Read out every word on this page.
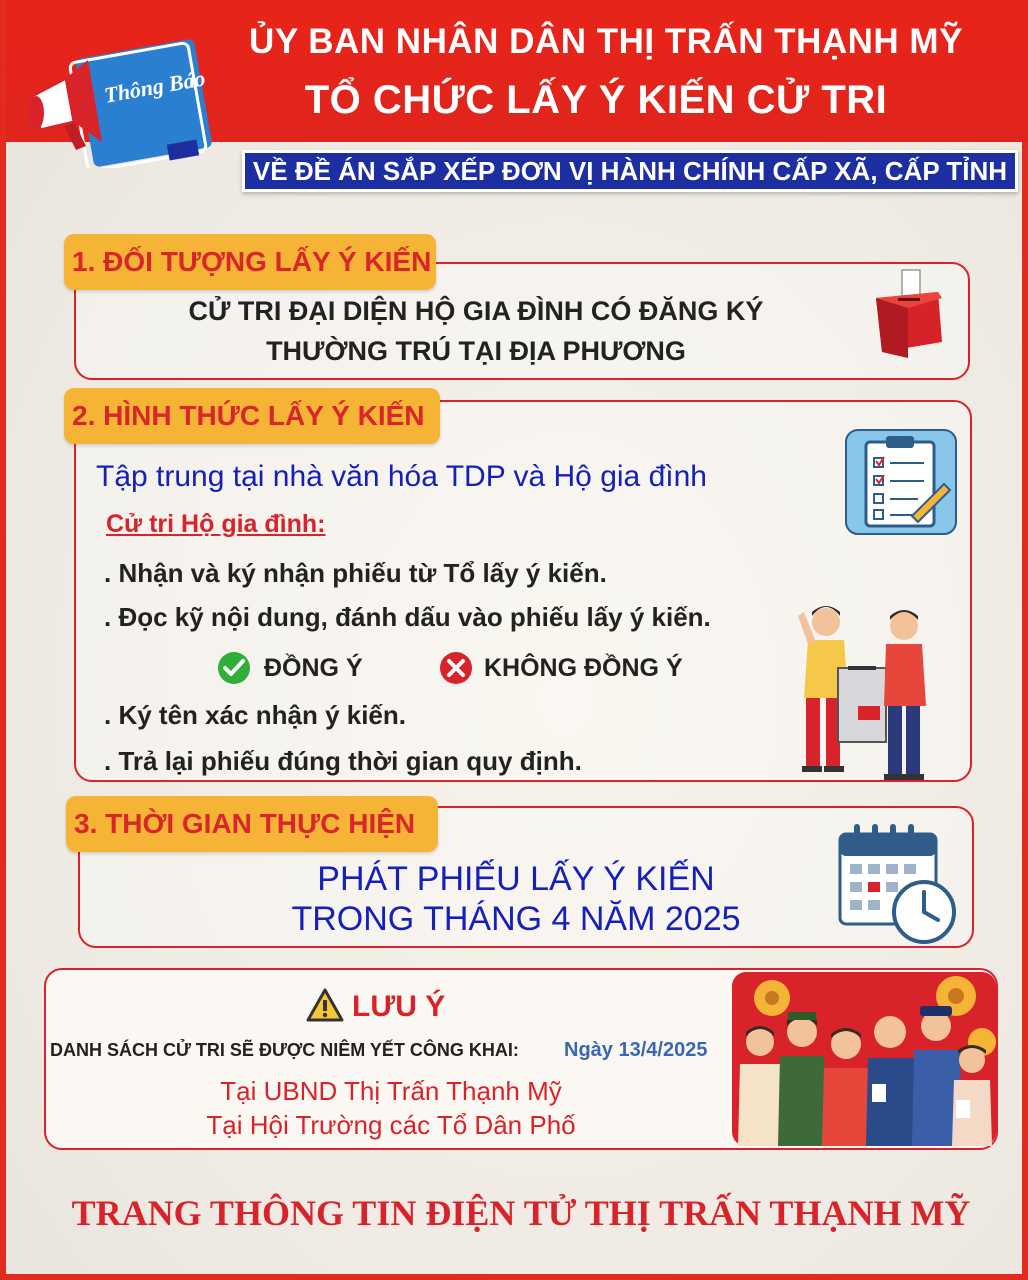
ỦY BAN NHÂN DÂN THỊ TRẤN THẠNH MỸ
TỔ CHỨC LẤY Ý KIẾN CỬ TRI
Thông Báo
VỀ ĐỀ ÁN SẮP XẾP ĐƠN VỊ HÀNH CHÍNH CẤP XÃ, CẤP TỈNH
1. ĐỐI TƯỢNG LẤY Ý KIẾN
CỬ TRI ĐẠI DIỆN HỘ GIA ĐÌNH CÓ ĐĂNG KÝ
THƯỜNG TRÚ TẠI ĐỊA PHƯƠNG
2. HÌNH THỨC LẤY Ý KIẾN
Tập trung tại nhà văn hóa TDP và Hộ gia đình
Cử tri Hộ gia đình:
. Nhận và ký nhận phiếu từ Tổ lấy ý kiến.
. Đọc kỹ nội dung, đánh dấu vào phiếu lấy ý kiến.
ĐỒNG Ý	KHÔNG ĐỒNG Ý
. Ký tên xác nhận ý kiến.
. Trả lại phiếu đúng thời gian quy định.
3. THỜI GIAN THỰC HIỆN
PHÁT PHIẾU LẤY Ý KIẾN
TRONG THÁNG 4 NĂM 2025
LƯU Ý
DANH SÁCH CỬ TRI SẼ ĐƯỢC NIÊM YẾT CÔNG KHAI: Ngày 13/4/2025
Tại UBND Thị Trấn Thạnh Mỹ
Tại Hội Trường các Tổ Dân Phố
TRANG THÔNG TIN ĐIỆN TỬ THỊ TRẤN THẠNH MỸ
